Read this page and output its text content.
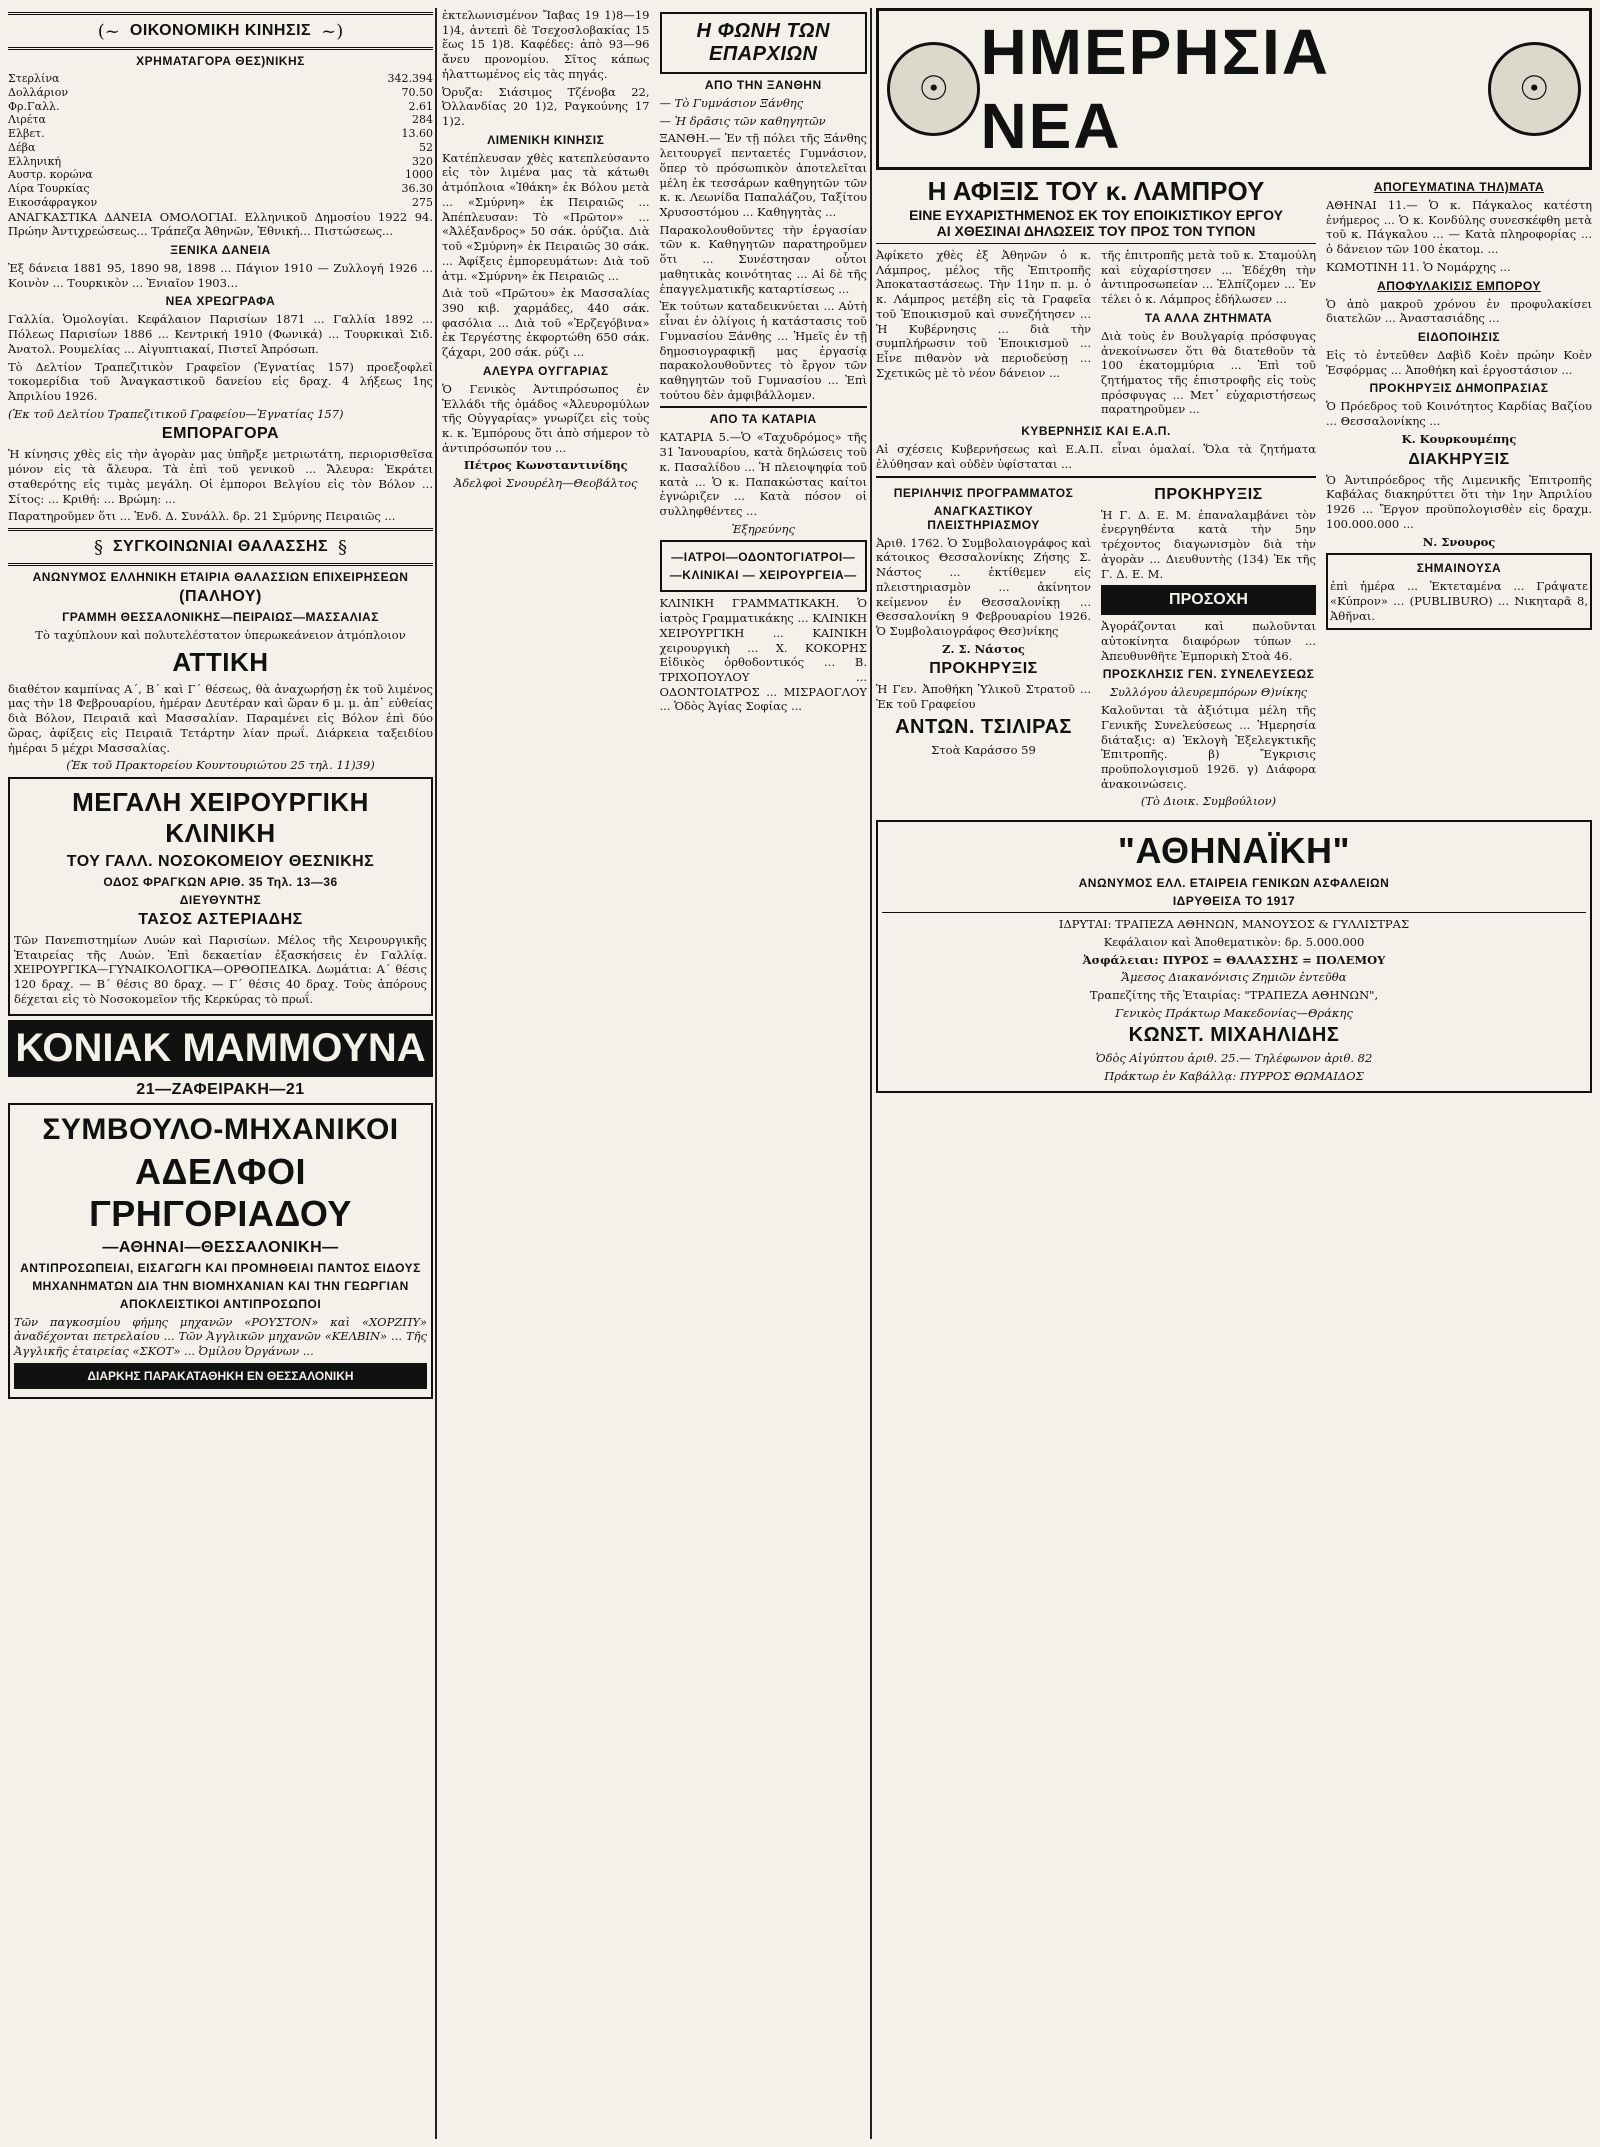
(~ ΟΙΚΟΝΟΜΙΚΗ ΚΙΝΗΣΙΣ ~)
ΧΡΗΜΑΤΑΓΟΡΑ ΘΕΣ)ΝΙΚΗΣ
Στερλίνα	342.394
Δολλάριον	70.50
Φρ.Γαλλ.	2.61
Λιρέτα	284
Ελβετ.	13.60
Δέβα	52
Ελληνική	320
Αυστρ. κορώνα	1000
Λίρα Τουρκίας	36.30
Εικοσάφραγκον	275

ΑΝΑΓΚΑΣΤΙΚΑ ΔΑΝΕΙΑ ΟΜΟΛΟΓΙΑΙ. Ελληνικοῦ Δημοσίου 1922 94. Πρώην Ἀντιχρεώσεως... Τράπεζα Ἀθηνῶν, Ἐθνική... Πιστώσεως...

ΞΕΝΙΚΑ ΔΑΝΕΙΑ

Ἐξ δάνεια 1881 95, 1890 98, 1898 ... Πάγιον 1910 — Ζυλλογή 1926 ... Κοινὸν ... Τουρκικὸν ... Ἑνιαῖον 1903...

ΝΕΑ ΧΡΕΩΓΡΑΦΑ

Γαλλία. Ὁμολογίαι. Κεφάλαιον Παρισίων 1871 ... Γαλλία 1892 ... Πόλεως Παρισίων 1886 ... Κεντρική 1910 (Φωνικά) ... Τουρκικαὶ Σιδ. Ἀνατολ. Ρουμελίας ... Αἰγυπτιακαί, Πιστεῖ Ἀπρόσωπ.

Τὸ Δελτίον Τραπεζιτικὸν Γραφεῖον (Ἐγνατίας 157) προεξοφλεῖ τοκομερίδια τοῦ Ἀναγκαστικοῦ δανείου εἰς δραχ. 4 λήξεως 1ης Ἀπριλίου 1926.

(Ἐκ τοῦ Δελτίου Τραπεζιτικοῦ Γραφείου—Ἐγνατίας 157)

ΕΜΠΟΡΑΓΟΡΑ

Ἡ κίνησις χθὲς εἰς τὴν ἀγορὰν μας ὑπῆρξε μετριωτάτη, περιορισθεῖσα μόνον εἰς τὰ ἄλευρα. Τὰ ἐπὶ τοῦ γενικοῦ ... Ἄλευρα: Ἐκράτει σταθερότης εἰς τιμὰς μεγάλη. Οἱ ἐμποροι Βελγίου εἰς τὸν Βόλον ... Σίτος: ... Κριθή: ... Βρώμη: ...

Παρατηροῦμεν ὅτι ... Ἐνδ. Δ. Συνάλλ. δρ. 21 Σμύρνης Πειραιῶς ...

§ ΣΥΓΚΟΙΝΩΝΙΑΙ ΘΑΛΑΣΣΗΣ §
ΑΝΩΝΥΜΟΣ ΕΛΛΗΝΙΚΗ ΕΤΑΙΡΙΑ ΘΑΛΑΣΣΙΩΝ ΕΠΙΧΕΙΡΗΣΕΩΝ
(ΠΑΛΗΟΥ)
ΓΡΑΜΜΗ ΘΕΣΣΑΛΟΝΙΚΗΣ—ΠΕΙΡΑΙΩΣ—ΜΑΣΣΑΛΙΑΣ

Τὸ ταχύπλουν καὶ πολυτελέστατον ὑπερωκεάνειον ἀτμόπλοιον

ΑΤΤΙΚΗ

διαθέτον καμπίνας Α΄, Β΄ καὶ Γ΄ θέσεως, θὰ ἀναχωρήσῃ ἐκ τοῦ λιμένος μας τὴν 18 Φεβρουαρίου, ἡμέραν Δευτέραν καὶ ὥραν 6 μ. μ. ἀπ᾽ εὐθείας διὰ Βόλον, Πειραιᾶ καὶ Μασσαλίαν. Παραμένει εἰς Βόλον ἐπὶ δύο ὥρας, ἀφίξεις εἰς Πειραιᾶ Τετάρτην λίαν πρωΐ. Διάρκεια ταξειδίου ἡμέραι 5 μέχρι Μασσαλίας.

(Ἐκ τοῦ Πρακτορείου Κουντουριώτου 25 τηλ. 11)39)

ΜΕΓΑΛΗ ΧΕΙΡΟΥΡΓΙΚΗ ΚΛΙΝΙΚΗ
ΤΟΥ ΓΑΛΛ. ΝΟΣΟΚΟΜΕΙΟΥ ΘΕΣΝΙΚΗΣ
ΟΔΟΣ ΦΡΑΓΚΩΝ ΑΡΙΘ. 35 Τηλ. 13—36
ΔΙΕΥΘΥΝΤΗΣ
ΤΑΣΟΣ ΑΣΤΕΡΙΑΔΗΣ

Τῶν Πανεπιστημίων Λυών καὶ Παρισίων. Μέλος τῆς Χειρουργικῆς Ἑταιρείας τῆς Λυών. Ἐπὶ δεκαετίαν ἐξασκήσεις ἐν Γαλλίᾳ. ΧΕΙΡΟΥΡΓΙΚΑ—ΓΥΝΑΙΚΟΛΟΓΙΚΑ—ΟΡΘΟΠΕΔΙΚΑ. Δωμάτια: Α΄ θέσις 120 δραχ. — Β΄ θέσις 80 δραχ. — Γ΄ θέσις 40 δραχ. Τοὺς ἀπόρους δέχεται εἰς τὸ Νοσοκομεῖον τῆς Κερκύρας τὸ πρωΐ.

ΚΟΝΙΑΚ ΜΑΜΜΟΥΝΑ
21—ΖΑΦΕΙΡΑΚΗ—21
ΣΥΜΒΟΥΛΟ-ΜΗΧΑΝΙΚΟΙ
ΑΔΕΛΦΟΙ ΓΡΗΓΟΡΙΑΔΟΥ
—ΑΘΗΝΑΙ—ΘΕΣΣΑΛΟΝΙΚΗ—
ΑΝΤΙΠΡΟΣΩΠΕΙΑΙ, ΕΙΣΑΓΩΓΗ ΚΑΙ ΠΡΟΜΗΘΕΙΑΙ ΠΑΝΤΟΣ ΕΙΔΟΥΣ
ΜΗΧΑΝΗΜΑΤΩΝ ΔΙΑ ΤΗΝ ΒΙΟΜΗΧΑΝΙΑΝ ΚΑΙ ΤΗΝ ΓΕΩΡΓΙΑΝ
ΑΠΟΚΛΕΙΣΤΙΚΟΙ ΑΝΤΙΠΡΟΣΩΠΟΙ

Τῶν παγκοσμίου φήμης μηχανῶν «ΡΟΥΣΤΟΝ» καὶ «ΧΟΡΖΠΥ» ἀναδέχονται πετρελαίου ... Τῶν Ἀγγλικῶν μηχανῶν «ΚΕΛΒΙΝ» ... Τῆς Ἀγγλικῆς ἑταιρείας «ΣΚΟΤ» ... Ὀμίλου Ὀργάνων ...

ΔΙΑΡΚΗΣ ΠΑΡΑΚΑΤΑΘΗΚΗ ΕΝ ΘΕΣΣΑΛΟΝΙΚΗ

ἐκτελωνισμένον Ἴαβας 19 1)8—19 1)4, ἀντεπὶ δὲ Τσεχοσλοβακίας 15 ἕως 15 1)8. Καφέδες: ἀπὸ 93—96 ἄνευ προνομίου. Σῖτος κάπως ἠλαττωμένος εἰς τὰς πηγάς.

Ὀρυζα: Σιάσιμος Τζένοβα 22, Ὀλλανδίας 20 1)2, Ραγκούνης 17 1)2.

ΛΙΜΕΝΙΚΗ ΚΙΝΗΣΙΣ

Κατέπλευσαν χθὲς κατεπλεύσαντο εἰς τὸν λιμένα μας τὰ κάτωθι ἀτμόπλοια «Ἰθάκη» ἐκ Βόλου μετὰ ... «Σμύρνη» ἐκ Πειραιῶς ... Ἀπέπλευσαν: Τὸ «Πρῶτον» ... «Ἀλέξανδρος» 50 σάκ. ὀρύζια. Διὰ τοῦ «Σμύρνη» ἐκ Πειραιῶς 30 σάκ. ... Ἀφίξεις ἐμπορευμάτων: Διὰ τοῦ ἀτμ. «Σμύρνη» ἐκ Πειραιῶς ...

Διὰ τοῦ «Πρῶτου» ἐκ Μασσαλίας 390 κιβ. χαρμάδες, 440 σάκ. φασόλια ... Διὰ τοῦ «Ἐρζεγόβινα» ἐκ Τεργέστης ἐκφορτώθη 650 σάκ. ζάχαρι, 200 σάκ. ρύζι ...

ΑΛΕΥΡΑ ΟΥΓΓΑΡΙΑΣ

Ὁ Γενικὸς Ἀντιπρόσωπος ἐν Ἑλλάδι τῆς ὁμάδος «Ἀλευρομύλων τῆς Οὐγγαρίας» γνωρίζει εἰς τοὺς κ. κ. Ἐμπόρους ὅτι ἀπὸ σήμερον τὸ ἀντιπρόσωπόν του ...

Πέτρος Κωνσταντινίδης

Ἀδελφοὶ Σνουρέλη—Θεοβάλτος

Η ΦΩΝΗ ΤΩΝ ΕΠΑΡΧΙΩΝ
ΑΠΟ ΤΗΝ ΞΑΝΘΗΝ

— Τὸ Γυμνάσιον Ξάνθης

— Ἡ δρᾶσις τῶν καθηγητῶν

ΞΑΝΘΗ.— Ἐν τῇ πόλει τῆς Ξάνθης λειτουργεῖ πενταετές Γυμνάσιον, ὅπερ τὸ πρόσωπικὸν ἀποτελεῖται μέλη ἐκ τεσσάρων καθηγητῶν τῶν κ. κ. Λεωνίδα Παπαλάζου, Ταξίτου Χρυσοστόμου ... Καθηγητὰς ...

Παρακολουθοῦντες τὴν ἐργασίαν τῶν κ. Καθηγητῶν παρατηροῦμεν ὅτι ... Συνέστησαν οὗτοι μαθητικὰς κοινότητας ... Αἱ δὲ τῆς ἐπαγγελματικῆς καταρτίσεως ...

Ἐκ τούτων καταδεικνύεται ... Αὐτὴ εἶναι ἐν ὀλίγοις ἡ κατάστασις τοῦ Γυμνασίου Ξάνθης ... Ἡμεῖς ἐν τῇ δημοσιογραφικῇ μας ἐργασίᾳ παρακολουθοῦντες τὸ ἔργον τῶν καθηγητῶν τοῦ Γυμνασίου ... Ἐπὶ τούτου δὲν ἀμφιβάλλομεν.

ΑΠΟ ΤΑ ΚΑΤΑΡΙΑ

ΚΑΤΑΡΙΑ 5.—Ὁ «Ταχυδρόμος» τῆς 31 Ἰανουαρίου, κατὰ δηλώσεις τοῦ κ. Πασαλίδου ... Ἡ πλειοψηφία τοῦ κατὰ ... Ὁ κ. Παπακώστας καίτοι ἐγνώριζεν ... Κατὰ πόσον οἱ συλληφθέντες ...

Ἐξηρεύνης

—ΙΑΤΡΟΙ—ΟΔΟΝΤΟΓΙΑΤΡΟΙ—
—ΚΛΙΝΙΚΑΙ — ΧΕΙΡΟΥΡΓΕΙΑ—

ΚΛΙΝΙΚΗ ΓΡΑΜΜΑΤΙΚΑΚΗ. Ὁ ἰατρὸς Γραμματικάκης ... ΚΛΙΝΙΚΗ ΧΕΙΡΟΥΡΓΙΚΗ ... ΚΑΙΝΙΚΗ χειρουργικὴ ... Χ. ΚΟΚΟΡΗΣ Εἰδικὸς ὀρθοδοντικός ... Β. ΤΡΙΧΟΠΟΥΛΟΥ ... ΟΔΟΝΤΟΙΑΤΡΟΣ ... ΜΙΣΡΑΟΓΛΟΥ ... Ὁδὸς Ἁγίας Σοφίας ...

☉
ΗΜΕΡΗΣΙΑ ΝΕΑ
☉
Η ΑΦΙΞΙΣ ΤΟΥ κ. ΛΑΜΠΡΟΥ
ΕΙΝΕ ΕΥΧΑΡΙΣΤΗΜΕΝΟΣ ΕΚ ΤΟΥ ΕΠΟΙΚΙΣΤΙΚΟΥ ΕΡΓΟΥ
ΑΙ ΧΘΕΣΙΝΑΙ ΔΗΛΩΣΕΙΣ ΤΟΥ ΠΡΟΣ ΤΟΝ ΤΥΠΟΝ

Ἀφίκετο χθὲς ἐξ Ἀθηνῶν ὁ κ. Λάμπρος, μέλος τῆς Ἐπιτροπῆς Ἀποκαταστάσεως. Τὴν 11ην π. μ. ὁ κ. Λάμπρος μετέβη εἰς τὰ Γραφεῖα τοῦ Ἐποικισμοῦ καὶ συνεζήτησεν ... Ἡ Κυβέρνησις ... διὰ τὴν συμπλήρωσιν τοῦ Ἐποικισμοῦ ... Εἶνε πιθανὸν νὰ περιοδεύσῃ ... Σχετικῶς μὲ τὸ νέον δάνειον ...

τῆς ἐπιτροπῆς μετὰ τοῦ κ. Σταμούλη καὶ εὐχαρίστησεν ... Ἐδέχθη τὴν ἀντιπροσωπείαν ... Ἐλπίζομεν ... Ἐν τέλει ὁ κ. Λάμπρος ἐδήλωσεν ...

ΤΑ ΑΛΛΑ ΖΗΤΗΜΑΤΑ

Διὰ τοὺς ἐν Βουλγαρίᾳ πρόσφυγας ἀνεκοίνωσεν ὅτι θὰ διατεθοῦν τὰ 100 ἑκατομμύρια ... Ἐπὶ τοῦ ζητήματος τῆς ἐπιστροφῆς εἰς τοὺς πρόσφυγας ... Μετ᾽ εὐχαριστήσεως παρατηροῦμεν ...

ΚΥΒΕΡΝΗΣΙΣ ΚΑΙ Ε.Α.Π.

Αἱ σχέσεις Κυβερνήσεως καὶ Ε.Α.Π. εἶναι ὁμαλαί. Ὅλα τὰ ζητήματα ἐλύθησαν καὶ οὐδὲν ὑφίσταται ...

ΠΕΡΙΛΗΨΙΣ ΠΡΟΓΡΑΜΜΑΤΟΣ
ΑΝΑΓΚΑΣΤΙΚΟΥ ΠΛΕΙΣΤΗΡΙΑΣΜΟΥ

Ἀριθ. 1762. Ὁ Συμβολαιογράφος καὶ κάτοικος Θεσσαλονίκης Ζήσης Σ. Νάστος ... ἐκτίθεμεν εἰς πλειστηριασμὸν ... ἀκίνητον κείμενον ἐν Θεσσαλονίκῃ ... Θεσσαλονίκη 9 Φεβρουαρίου 1926. Ὁ Συμβολαιογράφος Θεσ)νίκης

Ζ. Σ. Νάστος

ΠΡΟΚΗΡΥΞΙΣ

Ἡ Γεν. Ἀποθήκη Ὑλικοῦ Στρατοῦ ... Ἐκ τοῦ Γραφείου

ΑΝΤΩΝ. ΤΣΙΛΙΡΑΣ

Στοὰ Καράσσο 59

ΠΡΟΚΗΡΥΞΙΣ

Ἡ Γ. Δ. Ε. Μ. ἐπαναλαμβάνει τὸν ἐνεργηθέντα κατὰ τὴν 5ην τρέχοντος διαγωνισμὸν διὰ τὴν ἀγορὰν ... Διευθυντὴς (134) Ἐκ τῆς Γ. Δ. Ε. Μ.

ΠΡΟΣΟΧΗ

Ἀγοράζονται καὶ πωλοῦνται αὐτοκίνητα διαφόρων τύπων ... Ἀπευθυνθῆτε Ἐμπορικὴ Στοὰ 46.

ΠΡΟΣΚΛΗΣΙΣ ΓΕΝ. ΣΥΝΕΛΕΥΣΕΩΣ

Συλλόγου ἀλευρεμπόρων Θ)νίκης

Καλοῦνται τὰ ἀξιότιμα μέλη τῆς Γενικῆς Συνελεύσεως ... Ἡμερησία διάταξις: α) Ἐκλογὴ Ἐξελεγκτικῆς Ἐπιτροπῆς. β) Ἔγκρισις προϋπολογισμοῦ 1926. γ) Διάφορα ἀνακοινώσεις.

(Τὸ Διοικ. Συμβούλιον)

ΑΠΟΓΕΥΜΑΤΙΝΑ ΤΗΛ)ΜΑΤΑ

ΑΘΗΝΑΙ 11.— Ὁ κ. Πάγκαλος κατέστη ἐνήμερος ... Ὁ κ. Κονδύλης συνεσκέφθη μετὰ τοῦ κ. Πάγκαλου ... — Κατὰ πληροφορίας ... ὁ δάνειον τῶν 100 ἑκατομ. ...

ΚΩΜΟΤΙΝΗ 11. Ὁ Νομάρχης ...

ΑΠΟΦΥΛΑΚΙΣΙΣ ΕΜΠΟΡΟΥ

Ὁ ἀπὸ μακροῦ χρόνου ἐν προφυλακίσει διατελῶν ... Ἀναστασιάδης ...

ΕΙΔΟΠΟΙΗΣΙΣ

Εἰς τὸ ἐντεῦθεν Δαβὶδ Κοὲν πρώην Κοὲν Ἐσφόρμας ... Ἀποθήκη καὶ ἐργοστάσιον ...

ΠΡΟΚΗΡΥΞΙΣ ΔΗΜΟΠΡΑΣΙΑΣ

Ὁ Πρόεδρος τοῦ Κοινότητος Καρδίας Βαζίου ... Θεσσαλονίκης ...

Κ. Κουρκουμέπης

ΔΙΑΚΗΡΥΞΙΣ

Ὁ Ἀντιπρόεδρος τῆς Λιμενικῆς Ἐπιτροπῆς Καβάλας διακηρύττει ὅτι τὴν 1ην Ἀπριλίου 1926 ... Ἔργον προϋπολογισθὲν εἰς δραχμ. 100.000.000 ...

Ν. Σνουρος

ΣΗΜΑΙΝΟΥΣΑ

ἐπὶ ἡμέρα ... Ἐκτεταμένα ... Γράψατε «Κύπρον» ... (PUBLIBURO) ... Νικηταρᾶ 8, Ἀθῆναι.

"ΑΘΗΝΑΪΚΗ"
ΑΝΩΝΥΜΟΣ ΕΛΛ. ΕΤΑΙΡΕΙΑ ΓΕΝΙΚΩΝ ΑΣΦΑΛΕΙΩΝ
ΙΔΡΥΘΕΙΣΑ ΤΟ 1917

ΙΔΡΥΤΑΙ: ΤΡΑΠΕΖΑ ΑΘΗΝΩΝ, ΜΑΝΟΥΣΟΣ & ΓΥΛΛΙΣΤΡΑΣ

Κεφάλαιον καὶ Ἀποθεματικὸν: δρ. 5.000.000

Ἀσφάλειαι: ΠΥΡΟΣ = ΘΑΛΑΣΣΗΣ = ΠΟΛΕΜΟΥ

Ἄμεσος Διακανόνισις Ζημιῶν ἐντεῦθα

Τραπεζίτης τῆς Ἑταιρίας: "ΤΡΑΠΕΖΑ ΑΘΗΝΩΝ",

Γενικὸς Πράκτωρ Μακεδονίας—Θράκης

ΚΩΝΣΤ. ΜΙΧΑΗΛΙΔΗΣ

Ὁδὸς Αἰγύπτου ἀριθ. 25.— Τηλέφωνον ἀριθ. 82

Πράκτωρ ἐν Καβάλλᾳ: ΠΥΡΡΟΣ ΘΩΜΑΙΔΟΣ
